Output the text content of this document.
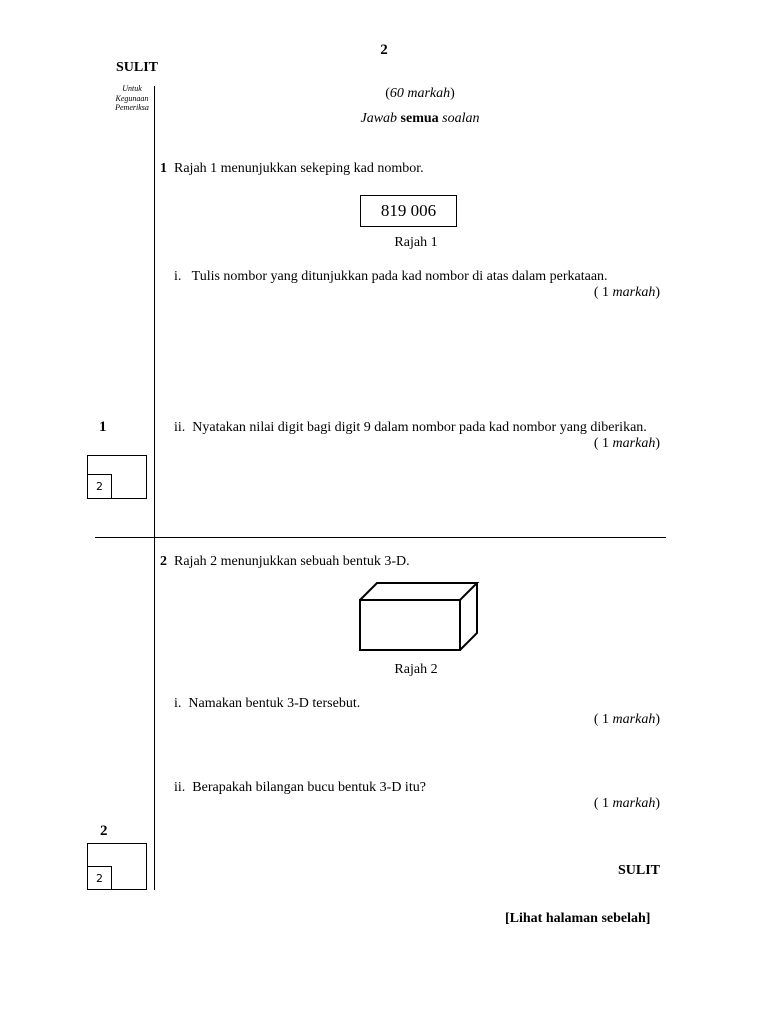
2
SULIT
Untuk
Kegunaan
Pemeriksa
(60 markah)
Jawab semua soalan
1 Rajah 1 menunjukkan sekeping kad nombor.
819 006
Rajah 1
i. Tulis nombor yang ditunjukkan pada kad nombor di atas dalam perkataan.
( 1 markah)
ii. Nyatakan nilai digit bagi digit 9 dalam nombor pada kad nombor yang diberikan.
( 1 markah)
1
2
2 Rajah 2 menunjukkan sebuah bentuk 3-D.
Rajah 2
i. Namakan bentuk 3-D tersebut.
( 1 markah)
ii. Berapakah bilangan bucu bentuk 3-D itu?
( 1 markah)
2
2	SULIT
[Lihat halaman sebelah]
